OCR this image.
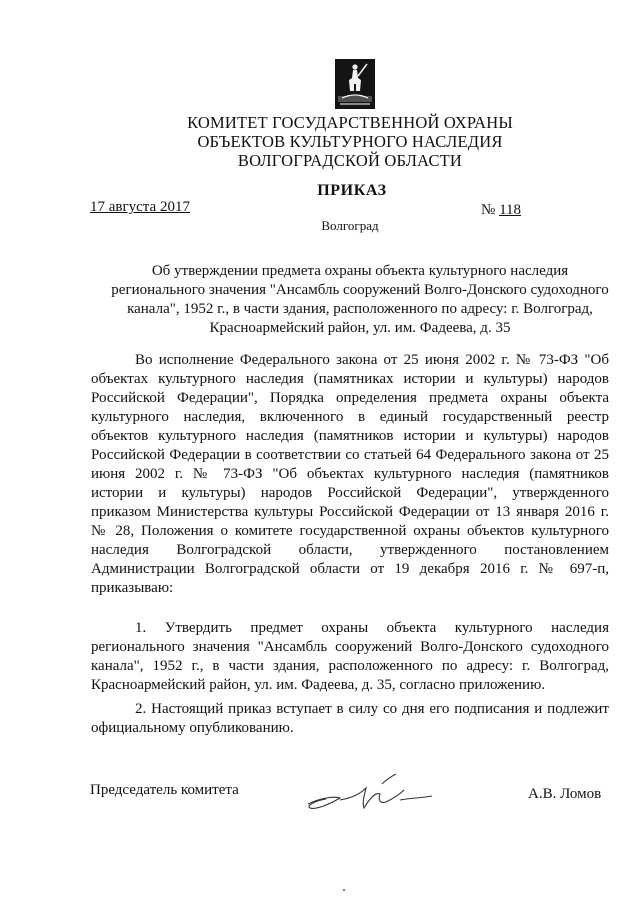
КОМИТЕТ ГОСУДАРСТВЕННОЙ ОХРАНЫ
ОБЪЕКТОВ КУЛЬТУРНОГО НАСЛЕДИЯ
ВОЛГОГРАДСКОЙ ОБЛАСТИ
ПРИКАЗ
17 августа 2017	№ 118
Волгоград
Об утверждении предмета охраны объекта культурного наследия
регионального значения "Ансамбль сооружений Волго-Донского судоходного
канала", 1952 г., в части здания, расположенного по адресу: г. Волгоград,
Красноармейский район, ул. им. Фадеева, д. 35
Во исполнение Федерального закона от 25 июня 2002 г. № 73-ФЗ "Об
объектах культурного наследия (памятниках истории и культуры) народов
Российской Федерации", Порядка определения предмета охраны объекта
культурного наследия, включенного в единый государственный реестр
объектов культурного наследия (памятников истории и культуры) народов
Российской Федерации в соответствии со статьей 64 Федерального закона от 25
июня 2002 г. № 73-ФЗ "Об объектах культурного наследия (памятников
истории и культуры) народов Российской Федерации", утвержденного
приказом Министерства культуры Российской Федерации от 13 января 2016 г.
№ 28, Положения о комитете государственной охраны объектов культурного
наследия Волгоградской области, утвержденного постановлением
Администрации Волгоградской области от 19 декабря 2016 г. № 697-п,
приказываю:
1. Утвердить предмет охраны объекта культурного наследия
регионального значения "Ансамбль сооружений Волго-Донского судоходного
канала", 1952 г., в части здания, расположенного по адресу: г. Волгоград,
Красноармейский район, ул. им. Фадеева, д. 35, согласно приложению.
2. Настоящий приказ вступает в силу со дня его подписания и подлежит
официальному опубликованию.
Председатель комитета	А.В. Ломов
